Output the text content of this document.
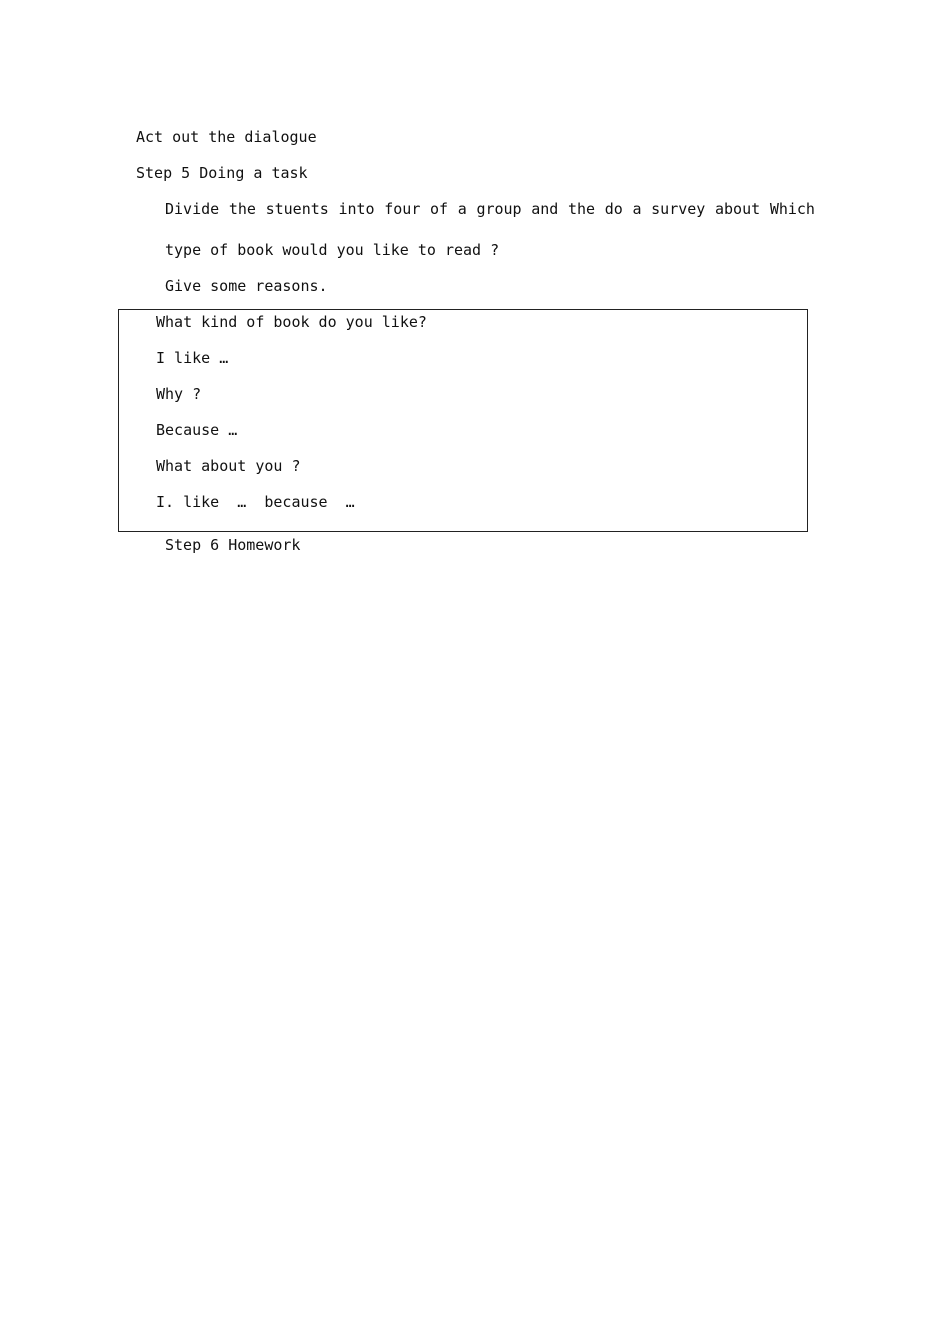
Act out the dialogue
Step 5 Doing a task
Divide the stuents into four of a group and the do a survey about Which
type of book would you like to read ?
Give some reasons.
What kind of book do you like?
I like …
Why ?
Because …
What about you ?
I. like  …  because  …
Step 6 Homework
